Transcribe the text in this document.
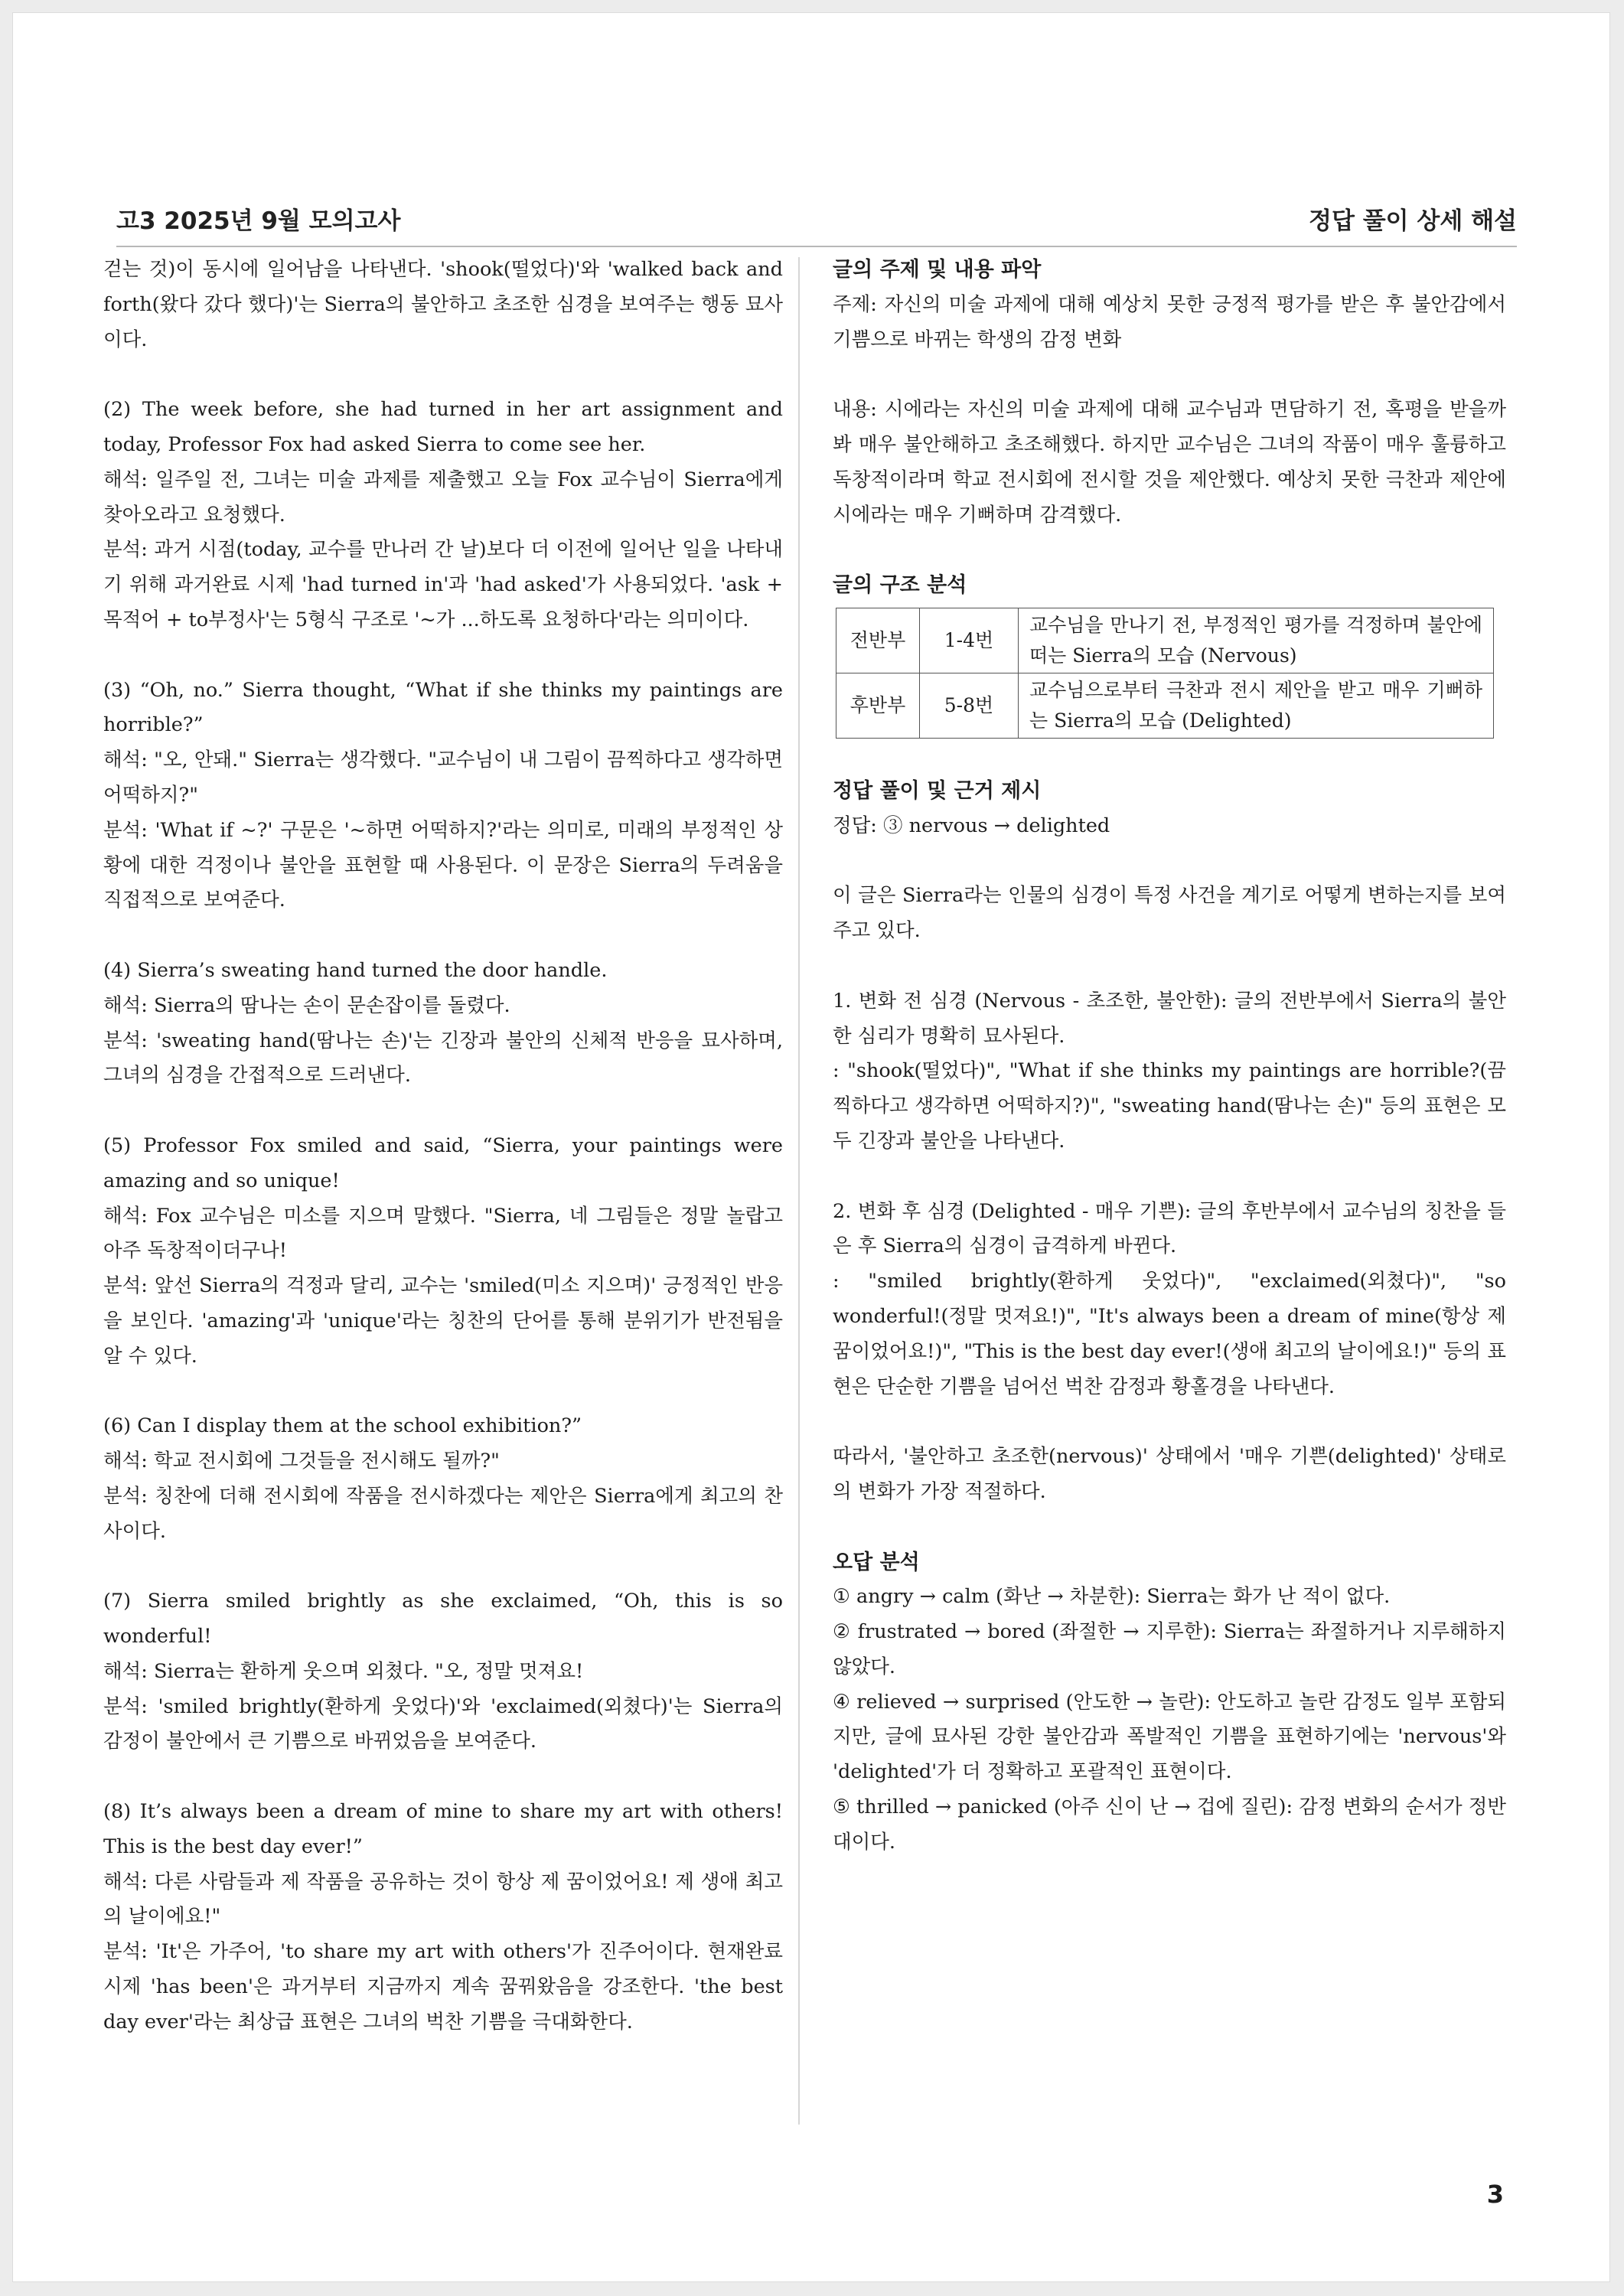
고3 2025년 9월 모의고사	정답 풀이 상세 해설

걷는 것)이 동시에 일어남을 나타낸다. 'shook(떨었다)'와 'walked back and forth(왔다 갔다 했다)'는 Sierra의 불안하고 초조한 심경을 보여주는 행동 묘사이다.

(2) The week before, she had turned in her art assignment and today, Professor Fox had asked Sierra to come see her.

해석: 일주일 전, 그녀는 미술 과제를 제출했고 오늘 Fox 교수님이 Sierra에게 찾아오라고 요청했다.

분석: 과거 시점(today, 교수를 만나러 간 날)보다 더 이전에 일어난 일을 나타내기 위해 과거완료 시제 'had turned in'과 'had asked'가 사용되었다. 'ask + 목적어 + to부정사'는 5형식 구조로 '~가 ...하도록 요청하다'라는 의미이다.

(3) “Oh, no.” Sierra thought, “What if she thinks my paintings are horrible?”

해석: "오, 안돼." Sierra는 생각했다. "교수님이 내 그림이 끔찍하다고 생각하면 어떡하지?"

분석: 'What if ~?' 구문은 '~하면 어떡하지?'라는 의미로, 미래의 부정적인 상황에 대한 걱정이나 불안을 표현할 때 사용된다. 이 문장은 Sierra의 두려움을 직접적으로 보여준다.

(4) Sierra’s sweating hand turned the door handle.

해석: Sierra의 땀나는 손이 문손잡이를 돌렸다.

분석: 'sweating hand(땀나는 손)'는 긴장과 불안의 신체적 반응을 묘사하며, 그녀의 심경을 간접적으로 드러낸다.

(5) Professor Fox smiled and said, “Sierra, your paintings were amazing and so unique!

해석: Fox 교수님은 미소를 지으며 말했다. "Sierra, 네 그림들은 정말 놀랍고 아주 독창적이더구나!

분석: 앞선 Sierra의 걱정과 달리, 교수는 'smiled(미소 지으며)' 긍정적인 반응을 보인다. 'amazing'과 'unique'라는 칭찬의 단어를 통해 분위기가 반전됨을 알 수 있다.

(6) Can I display them at the school exhibition?”

해석: 학교 전시회에 그것들을 전시해도 될까?"

분석: 칭찬에 더해 전시회에 작품을 전시하겠다는 제안은 Sierra에게 최고의 찬사이다.

(7) Sierra smiled brightly as she exclaimed, “Oh, this is so wonderful!

해석: Sierra는 환하게 웃으며 외쳤다. "오, 정말 멋져요!

분석: 'smiled brightly(환하게 웃었다)'와 'exclaimed(외쳤다)'는 Sierra의 감정이 불안에서 큰 기쁨으로 바뀌었음을 보여준다.

(8) It’s always been a dream of mine to share my art with others! This is the best day ever!”

해석: 다른 사람들과 제 작품을 공유하는 것이 항상 제 꿈이었어요! 제 생애 최고의 날이에요!"

분석: 'It'은 가주어, 'to share my art with others'가 진주어이다. 현재완료 시제 'has been'은 과거부터 지금까지 계속 꿈꿔왔음을 강조한다. 'the best day ever'라는 최상급 표현은 그녀의 벅찬 기쁨을 극대화한다.

글의 주제 및 내용 파악

주제: 자신의 미술 과제에 대해 예상치 못한 긍정적 평가를 받은 후 불안감에서 기쁨으로 바뀌는 학생의 감정 변화

내용: 시에라는 자신의 미술 과제에 대해 교수님과 면담하기 전, 혹평을 받을까 봐 매우 불안해하고 초조해했다. 하지만 교수님은 그녀의 작품이 매우 훌륭하고 독창적이라며 학교 전시회에 전시할 것을 제안했다. 예상치 못한 극찬과 제안에 시에라는 매우 기뻐하며 감격했다.

글의 구조 분석
전반부	1-4번	교수님을 만나기 전, 부정적인 평가를 걱정하며 불안에 떠는 Sierra의 모습 (Nervous)
후반부	5-8번	교수님으로부터 극찬과 전시 제안을 받고 매우 기뻐하는 Sierra의 모습 (Delighted)
정답 풀이 및 근거 제시

정답: ③ nervous → delighted

이 글은 Sierra라는 인물의 심경이 특정 사건을 계기로 어떻게 변하는지를 보여주고 있다.

1. 변화 전 심경 (Nervous - 초조한, 불안한): 글의 전반부에서 Sierra의 불안한 심리가 명확히 묘사된다.

: "shook(떨었다)", "What if she thinks my paintings are horrible?(끔찍하다고 생각하면 어떡하지?)", "sweating hand(땀나는 손)" 등의 표현은 모두 긴장과 불안을 나타낸다.

2. 변화 후 심경 (Delighted - 매우 기쁜): 글의 후반부에서 교수님의 칭찬을 들은 후 Sierra의 심경이 급격하게 바뀐다.

: "smiled brightly(환하게 웃었다)", "exclaimed(외쳤다)", "so wonderful!(정말 멋져요!)", "It's always been a dream of mine(항상 제 꿈이었어요!)", "This is the best day ever!(생애 최고의 날이에요!)" 등의 표현은 단순한 기쁨을 넘어선 벅찬 감정과 황홀경을 나타낸다.

따라서, '불안하고 초조한(nervous)' 상태에서 '매우 기쁜(delighted)' 상태로의 변화가 가장 적절하다.

오답 분석

① angry → calm (화난 → 차분한): Sierra는 화가 난 적이 없다.

② frustrated → bored (좌절한 → 지루한): Sierra는 좌절하거나 지루해하지 않았다.

④ relieved → surprised (안도한 → 놀란): 안도하고 놀란 감정도 일부 포함되지만, 글에 묘사된 강한 불안감과 폭발적인 기쁨을 표현하기에는 'nervous'와 'delighted'가 더 정확하고 포괄적인 표현이다.

⑤ thrilled → panicked (아주 신이 난 → 겁에 질린): 감정 변화의 순서가 정반대이다.

3
